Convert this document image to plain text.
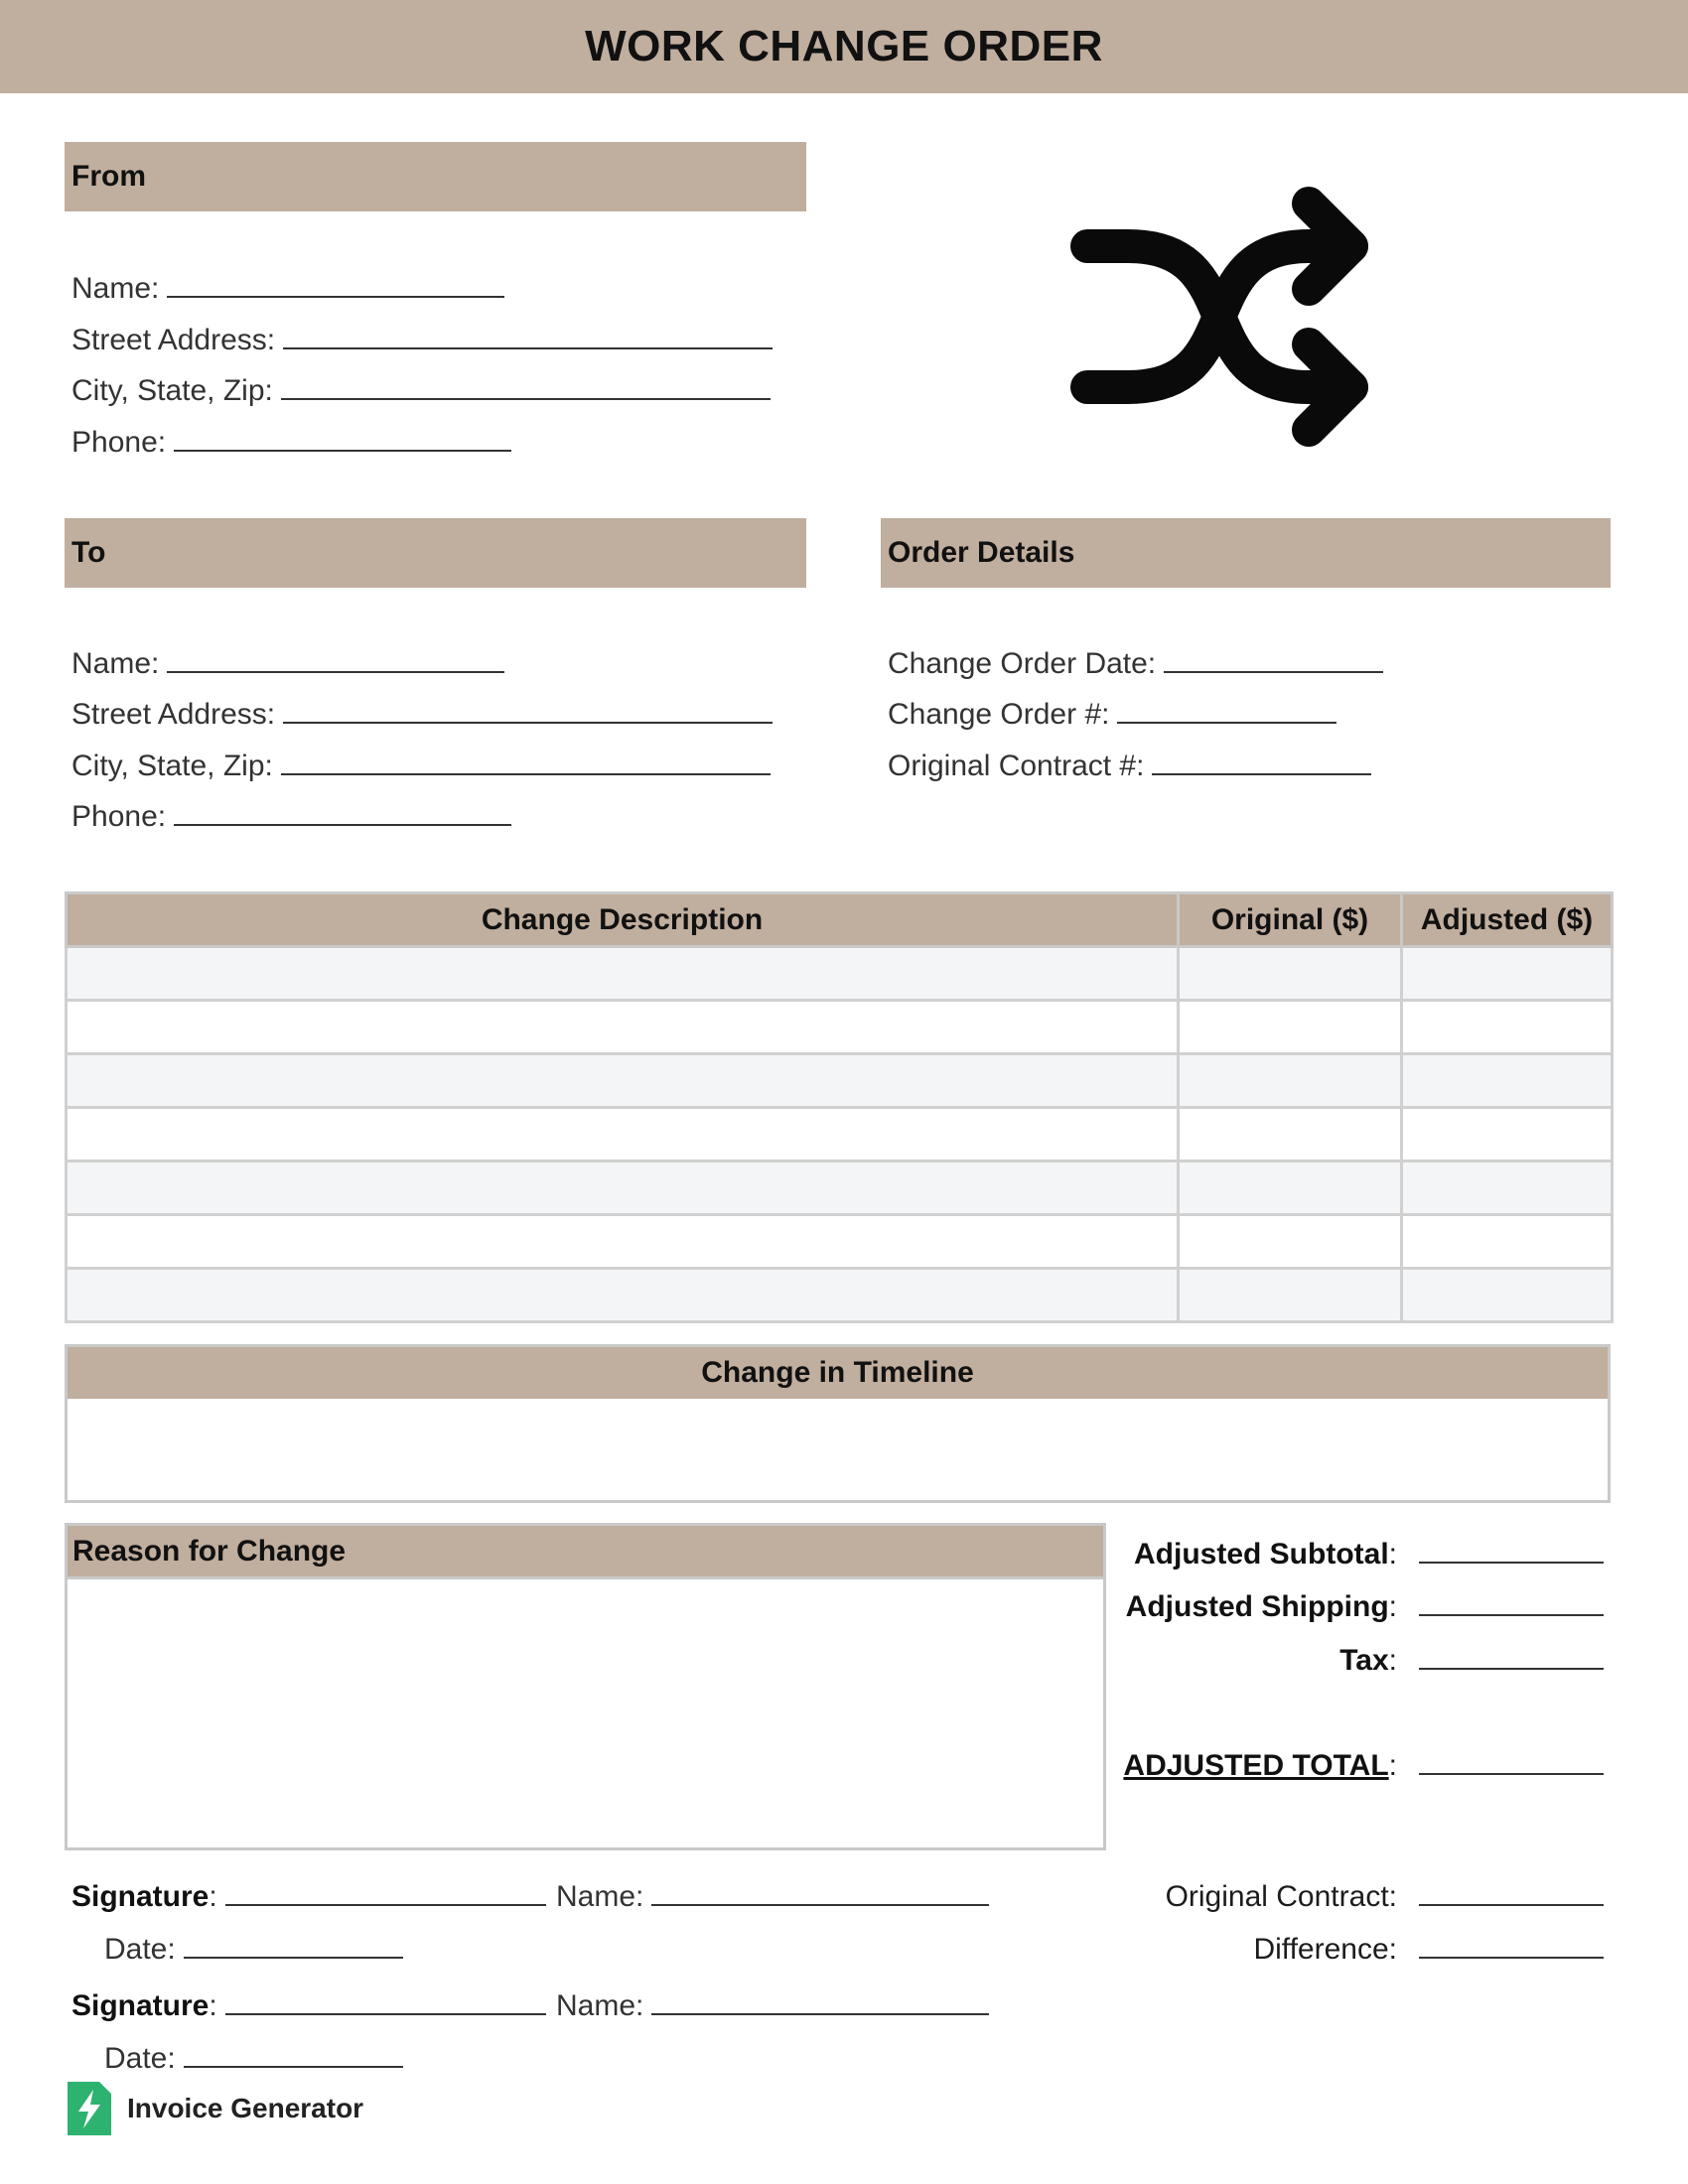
WORK CHANGE ORDER
From
Name:
Street Address:
City, State, Zip:
Phone:
To
Name:
Street Address:
City, State, Zip:
Phone:
Order Details
Change Order Date:
Change Order #:
Original Contract #:
Change Description	Original ($)	Adjusted ($)

Change in Timeline
Reason for Change	Adjusted Subtotal:
Adjusted Shipping:
Tax:
ADJUSTED TOTAL:
Original Contract:
Difference:
Signature:	Name:
Date:
Signature:	Name:
Date:
Invoice Generator
